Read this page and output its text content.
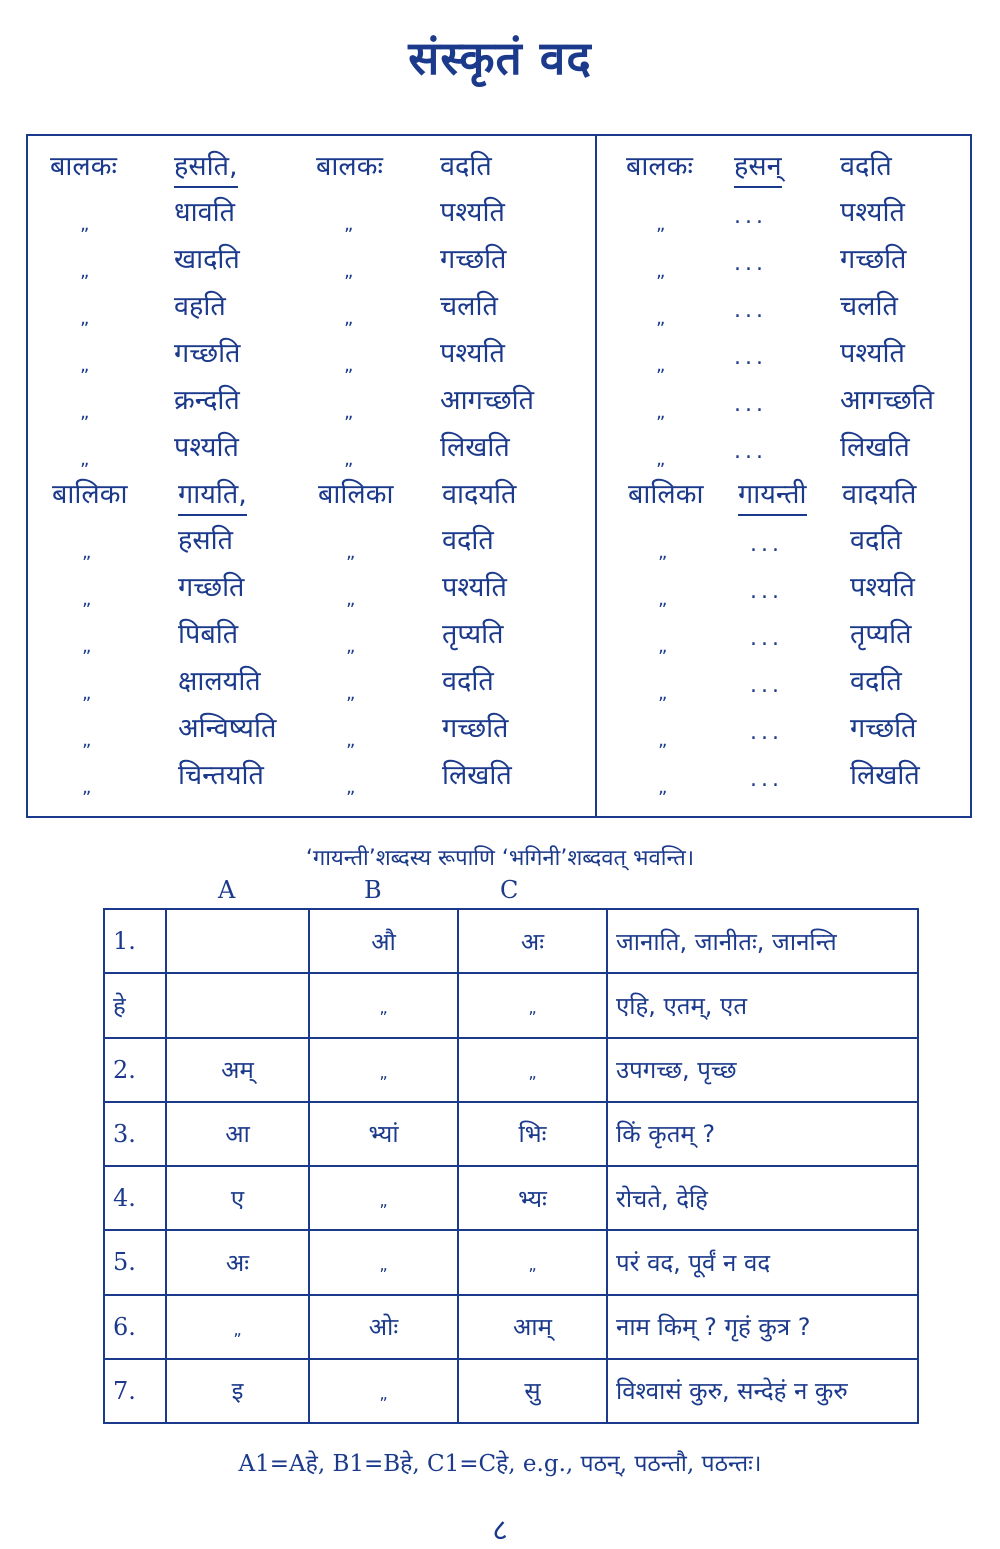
संस्कृतं वद
बालकः हसति,	बालकः वदति	बालकः हसन् वदति
„	धावति	„	पश्यति	„	...	पश्यति
„	खादति	„	गच्छति	„	...	गच्छति
„	वहति	„	चलति	„	...	चलति
„	गच्छति	„	पश्यति	„	...	पश्यति
„	क्रन्दति	„	आगच्छति	„	...	आगच्छति
„	पश्यति	„	लिखति	„	...	लिखति
बालिका गायति,	बालिका वादयति	बालिका गायन्ती वादयति
„	हसति	„	वदति	„	... वदति
„	गच्छति	„	पश्यति	„	... पश्यति
„	पिबति	„	तृप्यति	„	... तृप्यति
„	क्षालयति	„	वदति	„	... वदति
„	अन्विष्यति	„	गच्छति	„	... गच्छति
„	चिन्तयति	„	लिखति	„	... लिखति
‘गायन्ती’शब्दस्य रूपाणि ‘भगिनी’शब्दवत् भवन्ति।
A	B	C
1.		औ	अः	जानाति, जानीतः, जानन्ति
हे		„	„	एहि, एतम्, एत
2.	अम्	„	„	उपगच्छ, पृच्छ
3.	आ	भ्यां	भिः	किं कृतम् ?
4.	ए	„	भ्यः	रोचते, देहि
5.	अः	„	„	परं वद, पूर्वं न वद
6.	„	ओः	आम्	नाम किम् ? गृहं कुत्र ?
7.	इ	„	सु	विश्वासं कुरु, सन्देहं न कुरु
A1=Aहे, B1=Bहे, C1=Cहे, e.g., पठन्, पठन्तौ, पठन्तः।
८
